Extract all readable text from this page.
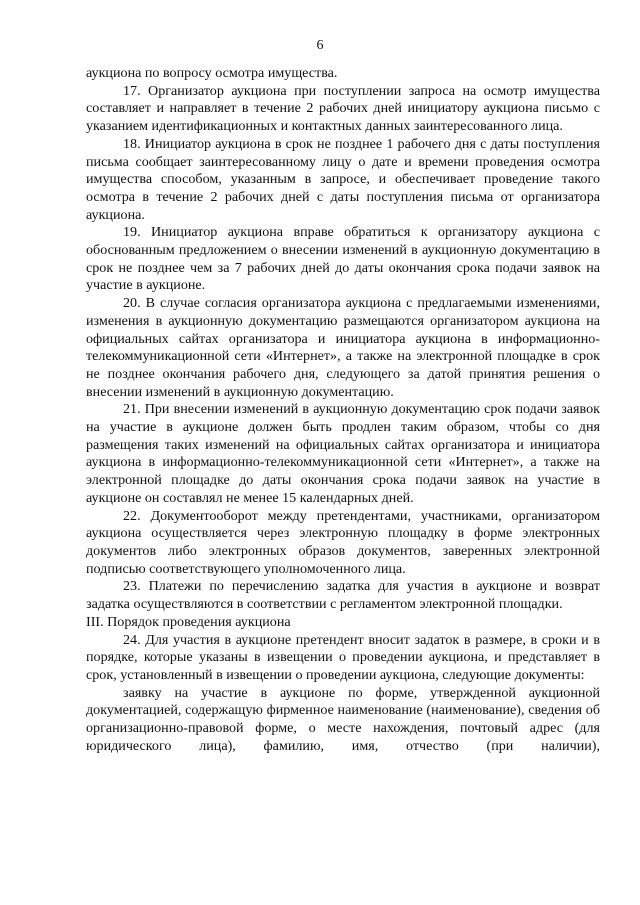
6

аукциона по вопросу осмотра имущества.

17. Организатор аукциона при поступлении запроса на осмотр имущества составляет и направляет в течение 2 рабочих дней инициатору аукциона письмо с указанием идентификационных и контактных данных заинтересованного лица.

18. Инициатор аукциона в срок не позднее 1 рабочего дня с даты поступления письма сообщает заинтересованному лицу о дате и времени проведения осмотра имущества способом, указанным в запросе, и обеспечивает проведение такого осмотра в течение 2 рабочих дней с даты поступления письма от организатора аукциона.

19. Инициатор аукциона вправе обратиться к организатору аукциона с обоснованным предложением о внесении изменений в аукционную документацию в срок не позднее чем за 7 рабочих дней до даты окончания срока подачи заявок на участие в аукционе.

20. В случае согласия организатора аукциона с предлагаемыми изменениями, изменения в аукционную документацию размещаются организатором аукциона на официальных сайтах организатора и инициатора аукциона в информационно-телекоммуникационной сети «Интернет», а также на электронной площадке в срок не позднее окончания рабочего дня, следующего за датой принятия решения о внесении изменений в аукционную документацию.

21. При внесении изменений в аукционную документацию срок подачи заявок на участие в аукционе должен быть продлен таким образом, чтобы со дня размещения таких изменений на официальных сайтах организатора и инициатора аукциона в информационно-телекоммуникационной сети «Интернет», а также на электронной площадке до даты окончания срока подачи заявок на участие в аукционе он составлял не менее 15 календарных дней.

22. Документооборот между претендентами, участниками, организатором аукциона осуществляется через электронную площадку в форме электронных документов либо электронных образов документов, заверенных электронной подписью соответствующего уполномоченного лица.

23. Платежи по перечислению задатка для участия в аукционе и возврат задатка осуществляются в соответствии с регламентом электронной площадки.

III. Порядок проведения аукциона

24. Для участия в аукционе претендент вносит задаток в размере, в сроки и в порядке, которые указаны в извещении о проведении аукциона, и представляет в срок, установленный в извещении о проведении аукциона, следующие документы:

заявку на участие в аукционе по форме, утвержденной аукционной документацией, содержащую фирменное наименование (наименование), сведения об организационно-правовой форме, о месте нахождения, почтовый адрес (для юридического лица), фамилию, имя, отчество (при наличии),
